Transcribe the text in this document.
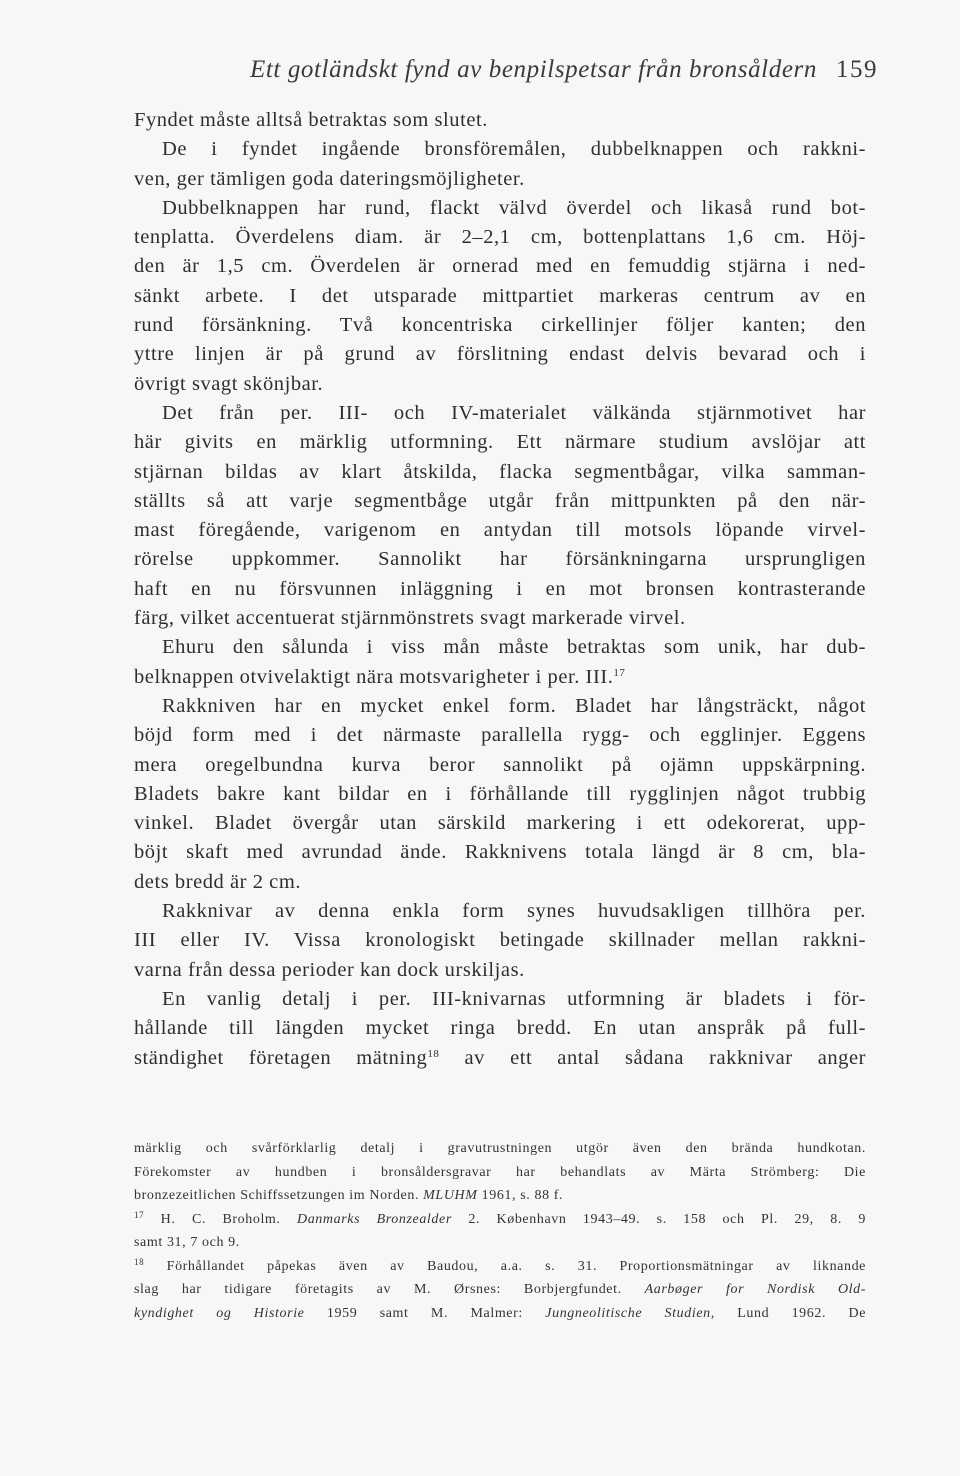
Ett gotländskt fynd av benpilspetsar från bronsåldern 159
Fyndet måste alltså betraktas som slutet.
De i fyndet ingående bronsföremålen, dubbelknappen och rakkni-
ven, ger tämligen goda dateringsmöjligheter.
Dubbelknappen har rund, flackt välvd överdel och likaså rund bot-
tenplatta. Överdelens diam. är 2–2,1 cm, bottenplattans 1,6 cm. Höj-
den är 1,5 cm. Överdelen är ornerad med en femuddig stjärna i ned-
sänkt arbete. I det utsparade mittpartiet markeras centrum av en
rund försänkning. Två koncentriska cirkellinjer följer kanten; den
yttre linjen är på grund av förslitning endast delvis bevarad och i
övrigt svagt skönjbar.
Det från per. III- och IV-materialet välkända stjärnmotivet har
här givits en märklig utformning. Ett närmare studium avslöjar att
stjärnan bildas av klart åtskilda, flacka segmentbågar, vilka samman-
ställts så att varje segmentbåge utgår från mittpunkten på den när-
mast föregående, varigenom en antydan till motsols löpande virvel-
rörelse uppkommer. Sannolikt har försänkningarna ursprungligen
haft en nu försvunnen inläggning i en mot bronsen kontrasterande
färg, vilket accentuerat stjärnmönstrets svagt markerade virvel.
Ehuru den sålunda i viss mån måste betraktas som unik, har dub-
belknappen otvivelaktigt nära motsvarigheter i per. III.$^{17}$
Rakkniven har en mycket enkel form. Bladet har långsträckt, något
böjd form med i det närmaste parallella rygg- och egglinjer. Eggens
mera oregelbundna kurva beror sannolikt på ojämn uppskärpning.
Bladets bakre kant bildar en i förhållande till rygglinjen något trubbig
vinkel. Bladet övergår utan särskild markering i ett odekorerat, upp-
böjt skaft med avrundad ände. Rakknivens totala längd är 8 cm, bla-
dets bredd är 2 cm.
Rakknivar av denna enkla form synes huvudsakligen tillhöra per.
III eller IV. Vissa kronologiskt betingade skillnader mellan rakkni-
varna från dessa perioder kan dock urskiljas.
En vanlig detalj i per. III-knivarnas utformning är bladets i för-
hållande till längden mycket ringa bredd. En utan anspråk på full-
ständighet företagen mätning$^{18}$ av ett antal sådana rakknivar anger
märklig och svårförklarlig detalj i gravutrustningen utgör även den brända hundkotan.
Förekomster av hundben i bronsåldersgravar har behandlats av Märta Strömberg: Die
bronzezeitlichen Schiffssetzungen im Norden. MLUHM 1961, s. 88 f.
$^{17}$ H. C. Broholm. Danmarks Bronzealder 2. København 1943–49. s. 158 och Pl. 29, 8. 9
samt 31, 7 och 9.
$^{18}$ Förhållandet påpekas även av Baudou, a.a. s. 31. Proportionsmätningar av liknande
slag har tidigare företagits av M. Ørsnes: Borbjergfundet. Aarbøger for Nordisk Old-
kyndighet og Historie 1959 samt M. Malmer: Jungneolitische Studien, Lund 1962. De
